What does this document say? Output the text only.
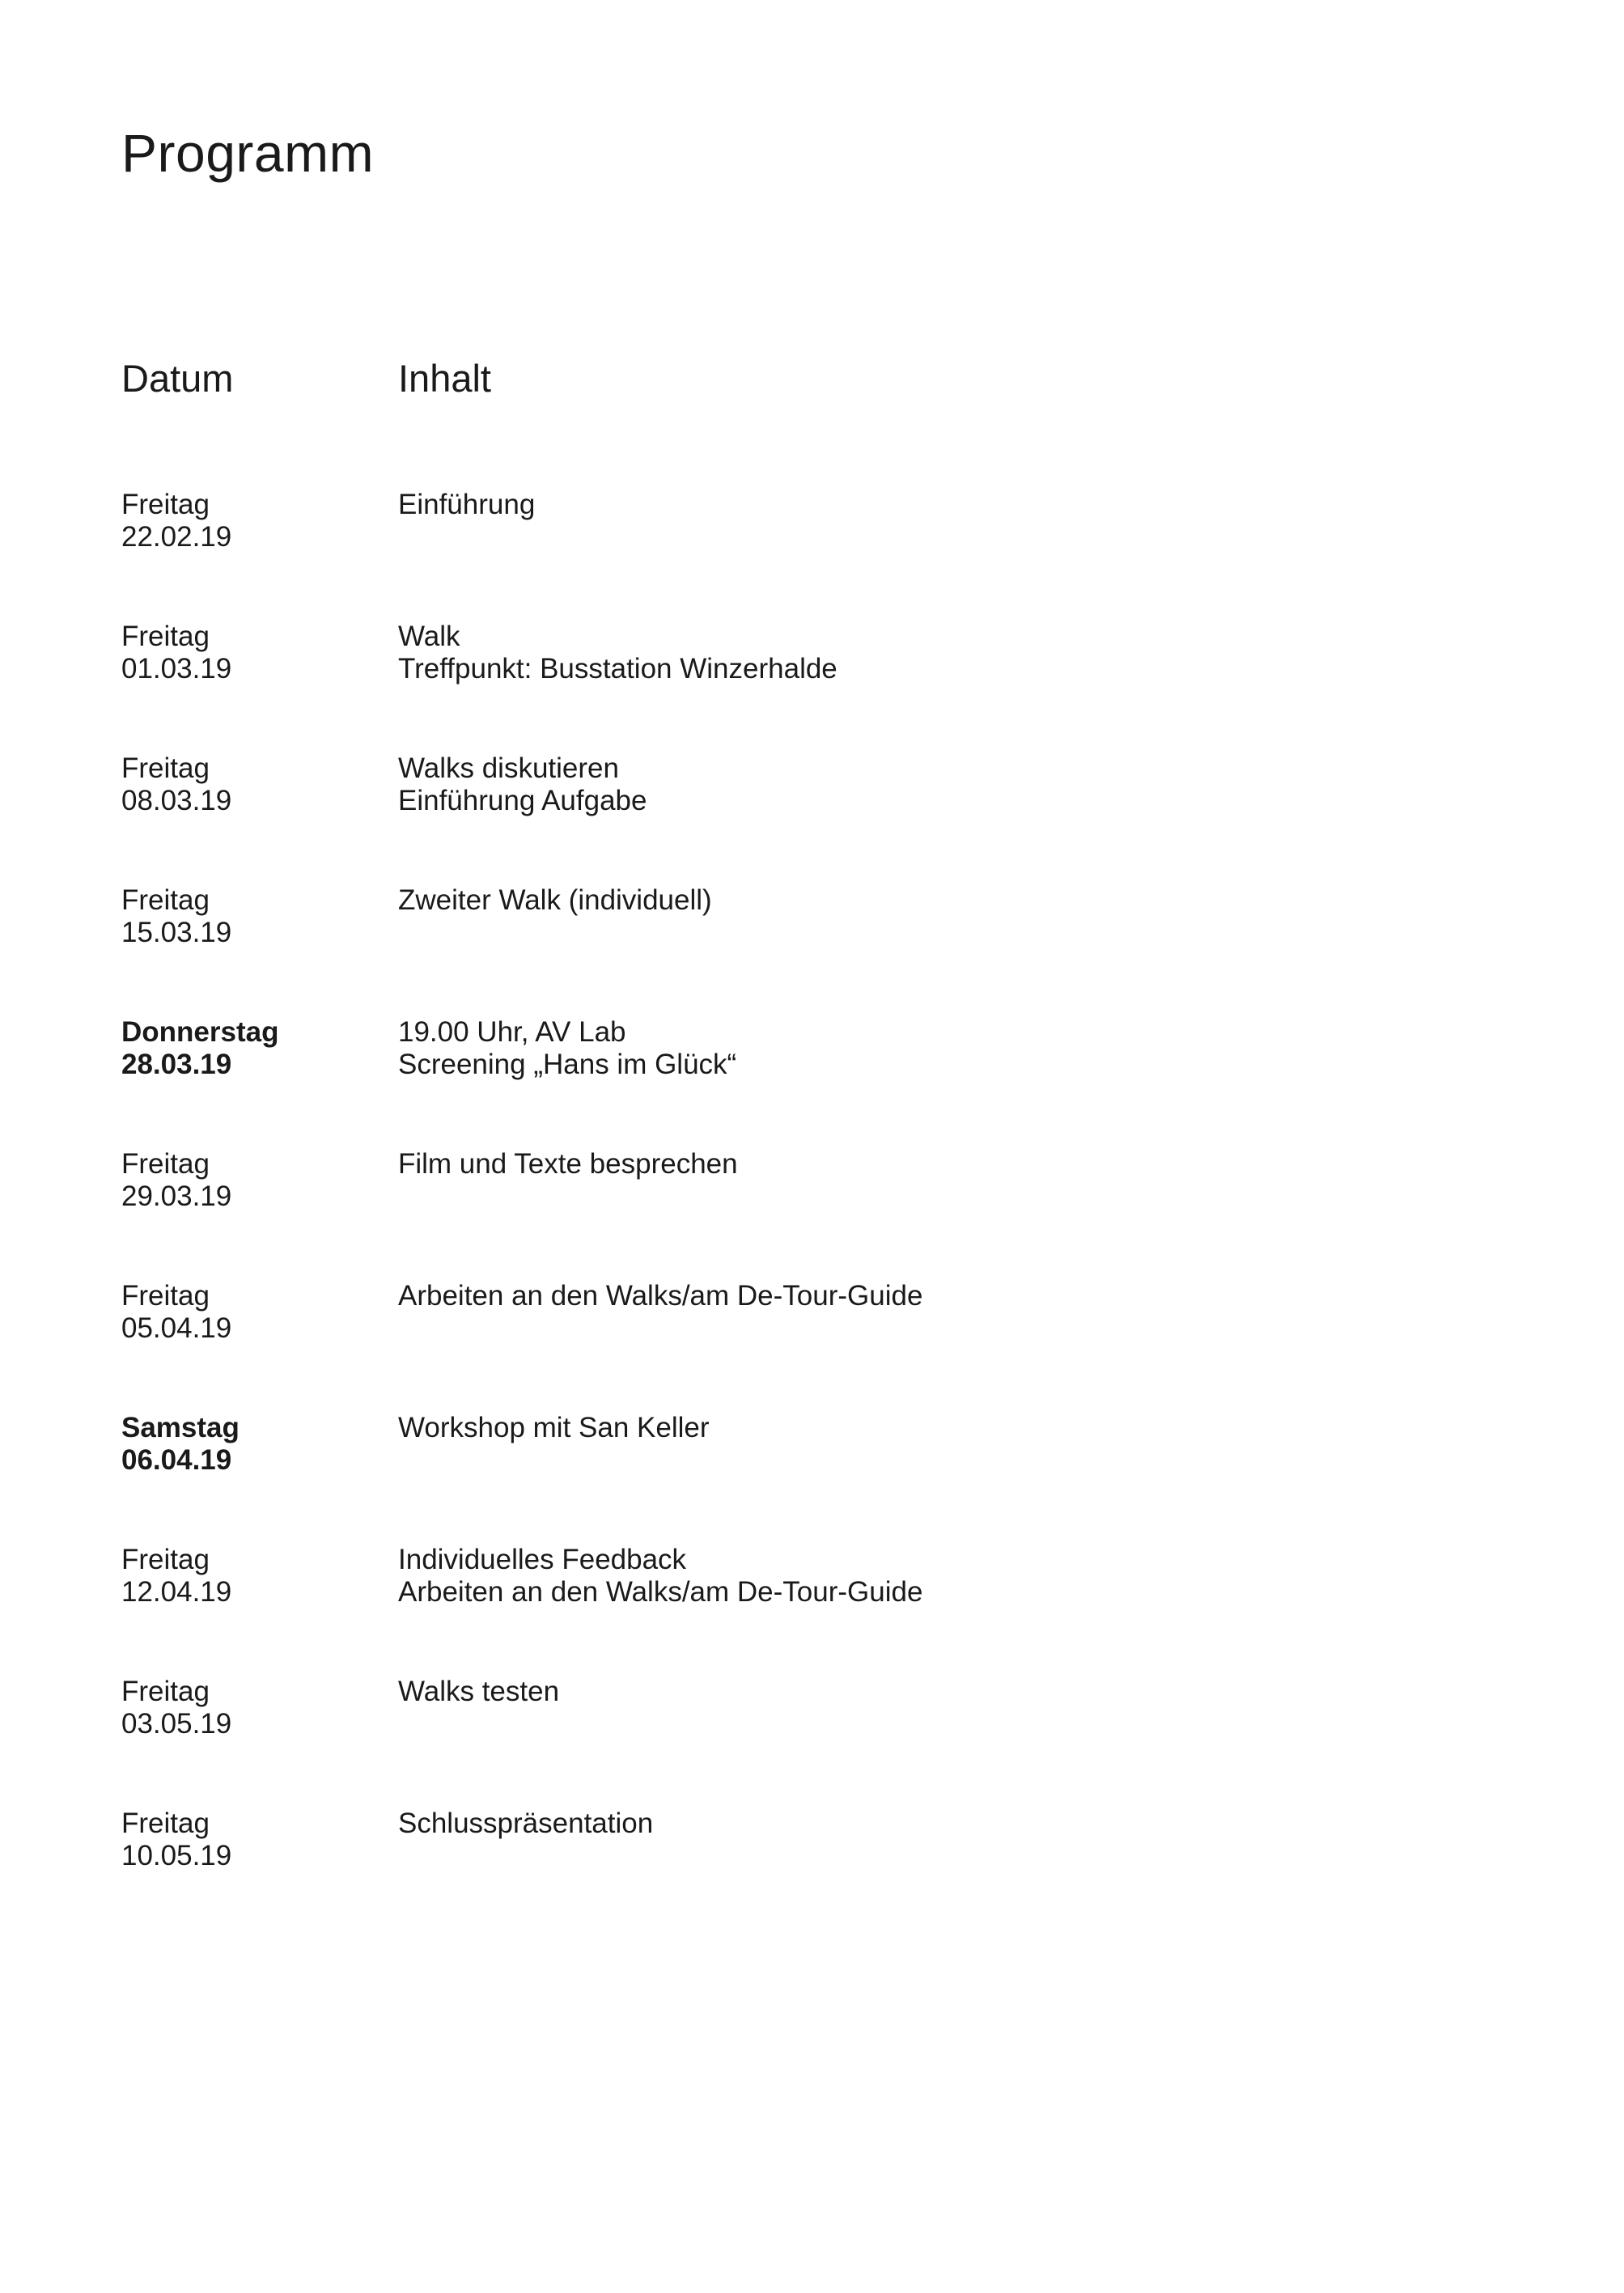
Programm
Datum	Inhalt
Freitag
22.02.19
Einführung
Freitag
01.03.19
Walk
Treffpunkt: Busstation Winzerhalde
Freitag
08.03.19
Walks diskutieren
Einführung Aufgabe
Freitag
15.03.19
Zweiter Walk (individuell)
Donnerstag
28.03.19
19.00 Uhr, AV Lab
Screening „Hans im Glück“
Freitag
29.03.19
Film und Texte besprechen
Freitag
05.04.19
Arbeiten an den Walks/am De-Tour-Guide
Samstag
06.04.19
Workshop mit San Keller
Freitag
12.04.19
Individuelles Feedback
Arbeiten an den Walks/am De-Tour-Guide
Freitag
03.05.19
Walks testen
Freitag
10.05.19
Schlusspräsentation
